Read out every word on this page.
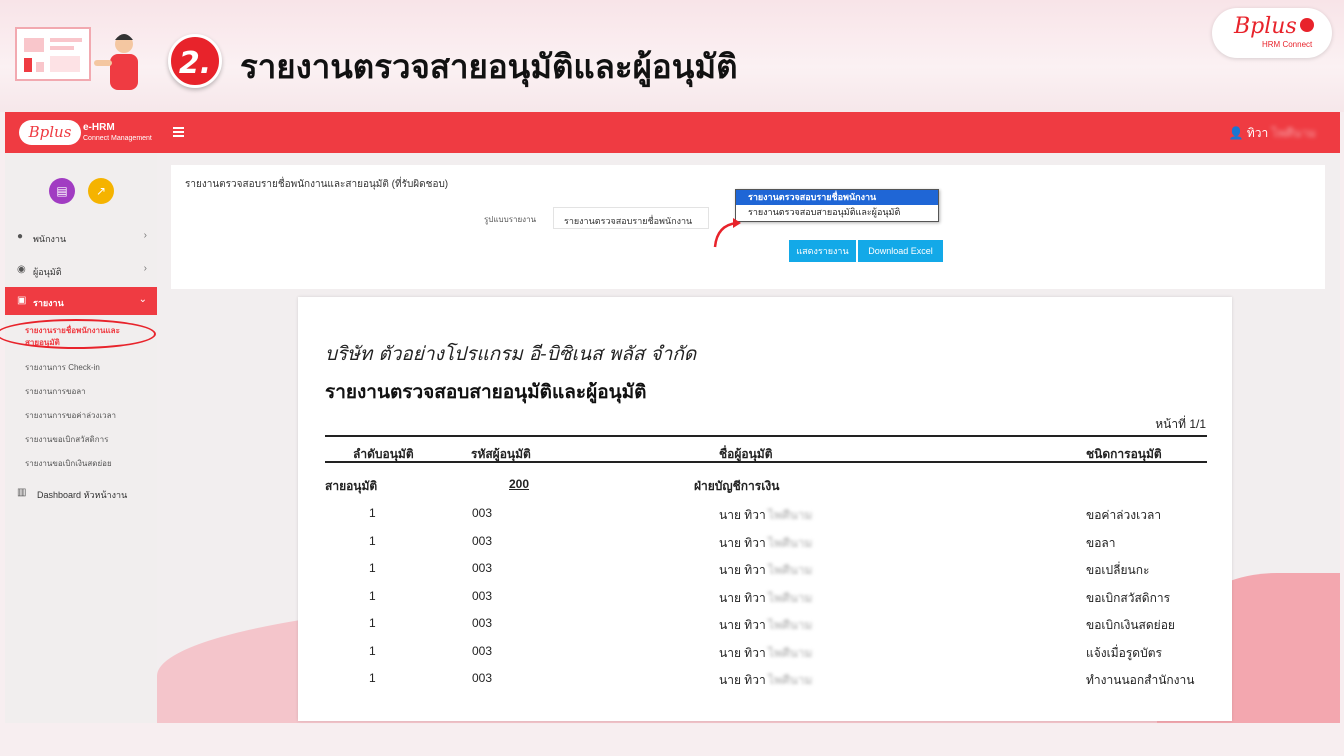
2. รายงานตรวจสายอนุมัติและผู้อนุมัติ
Bplus
HRM Connect
Bplus	e-HRM
Connect Management	👤 ทิวา ไพศีนาม
▤	↗
● พนักงาน	›
◉ ผู้อนุมัติ	›
▣ รายงาน	⌄
รายงานรายชื่อพนักงานและ
สายอนุมัติ
รายงานการ Check-in
รายงานการขอลา
รายงานการขอค่าล่วงเวลา
รายงานขอเบิกสวัสดิการ
รายงานขอเบิกเงินสดย่อย
▥ Dashboard หัวหน้างาน
รายงานตรวจสอบรายชื่อพนักงานและสายอนุมัติ (ที่รับผิดชอบ)
รูปแบบรายงาน	รายงานตรวจสอบรายชื่อพนักงาน
รายงานตรวจสอบรายชื่อพนักงาน
รายงานตรวจสอบสายอนุมัติและผู้อนุมัติ
แสดงรายงาน	Download Excel
บริษัท ตัวอย่างโปรแกรม อี-บิซิเนส พลัส จำกัด
รายงานตรวจสอบสายอนุมัติและผู้อนุมัติ
หน้าที่ 1/1
ลำดับอนุมัติ	รหัสผู้อนุมัติ	ชื่อผู้อนุมัติ	ชนิดการอนุมัติ
สายอนุมัติ	200	ฝ่ายบัญชีการเงิน
1	003	นาย ทิวา	ขอค่าล่วงเวลา
ไพศีนาม
1	003	นาย ทิวา	ขอลา
ไพศีนาม
1	003	นาย ทิวา	ขอเปลี่ยนกะ
ไพศีนาม
1	003	นาย ทิวา	ขอเบิกสวัสดิการ
ไพศีนาม
1	003	นาย ทิวา	ขอเบิกเงินสดย่อย
ไพศีนาม
1	003	นาย ทิวา	แจ้งเมื่อรูดบัตร
ไพศีนาม
1	003	นาย ทิวา	ทำงานนอกสำนักงาน
ไพศีนาม
